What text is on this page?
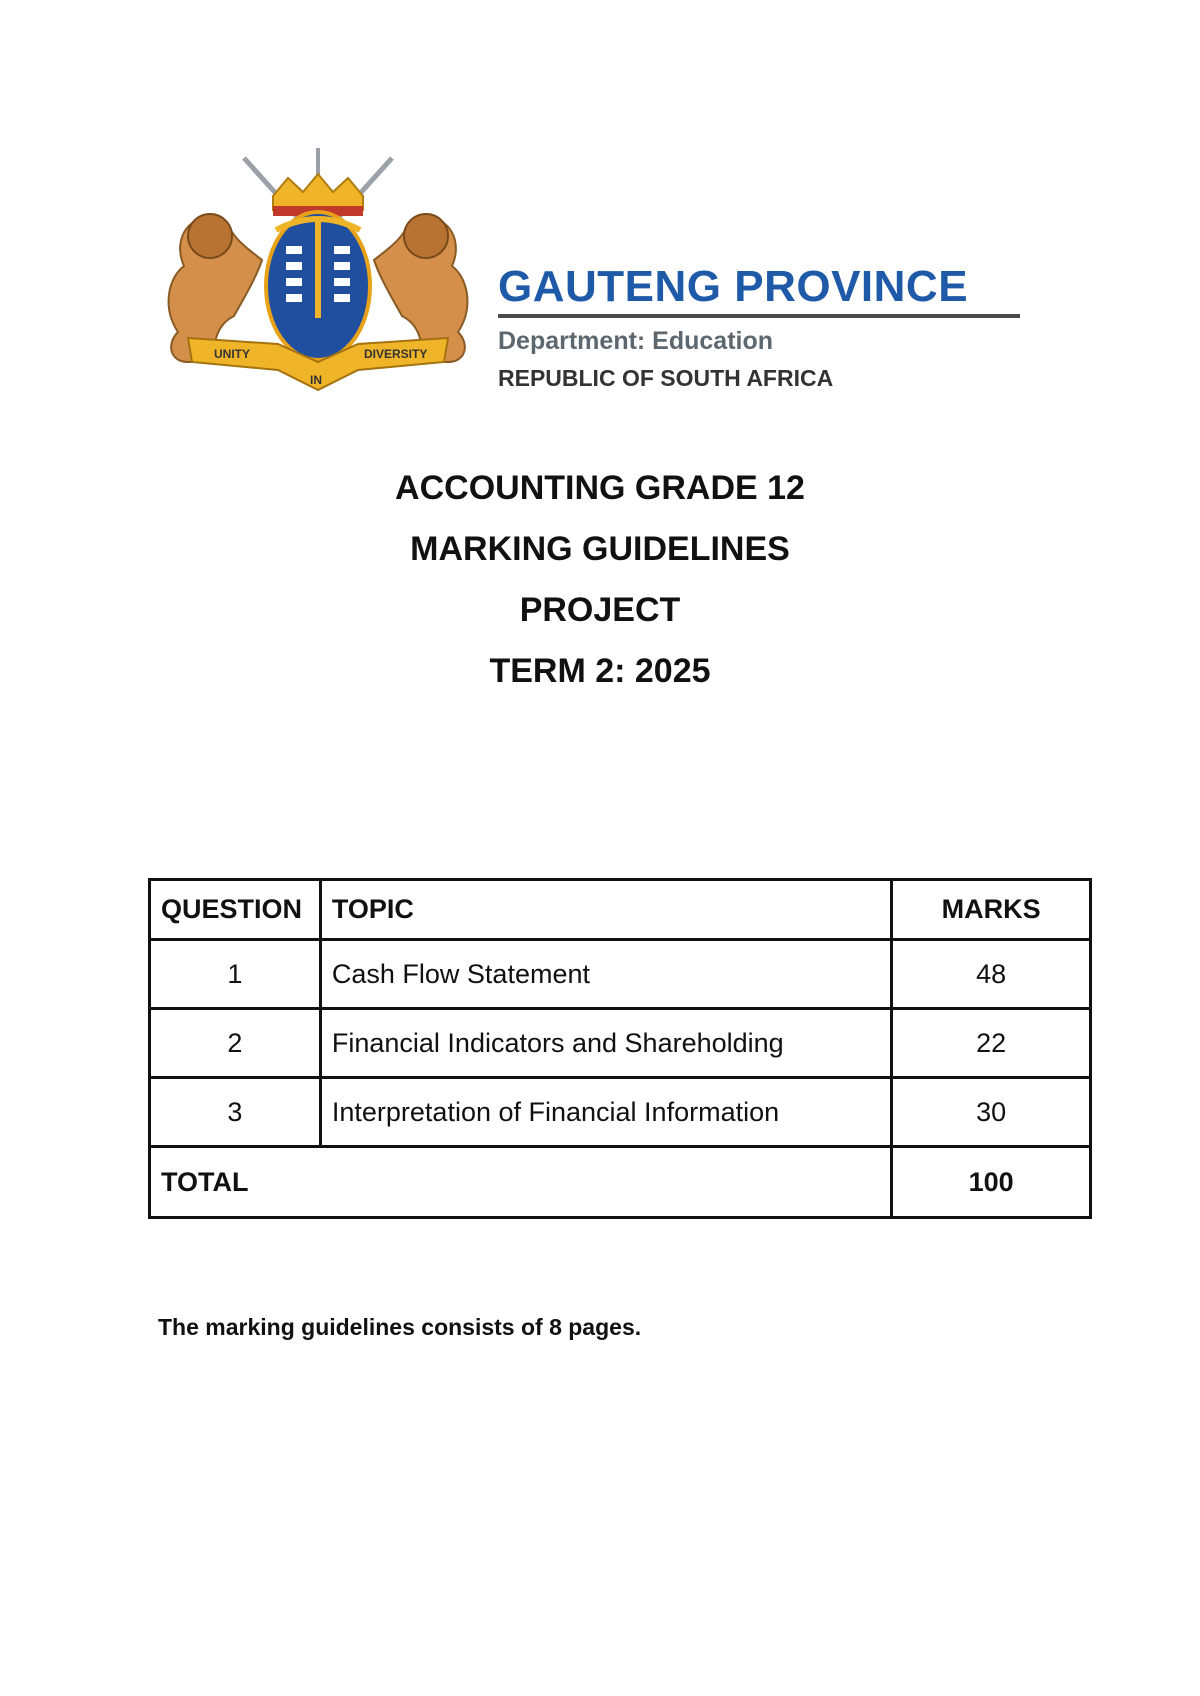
UNITY
IN
DIVERSITY
GAUTENG PROVINCE
Department: Education
REPUBLIC OF SOUTH AFRICA
ACCOUNTING GRADE 12
MARKING GUIDELINES
PROJECT
TERM 2: 2025
QUESTION	TOPIC	MARKS
1	Cash Flow Statement	48
2	Financial Indicators and Shareholding	22
3	Interpretation of Financial Information	30
TOTAL		100
The marking guidelines consists of 8 pages.
